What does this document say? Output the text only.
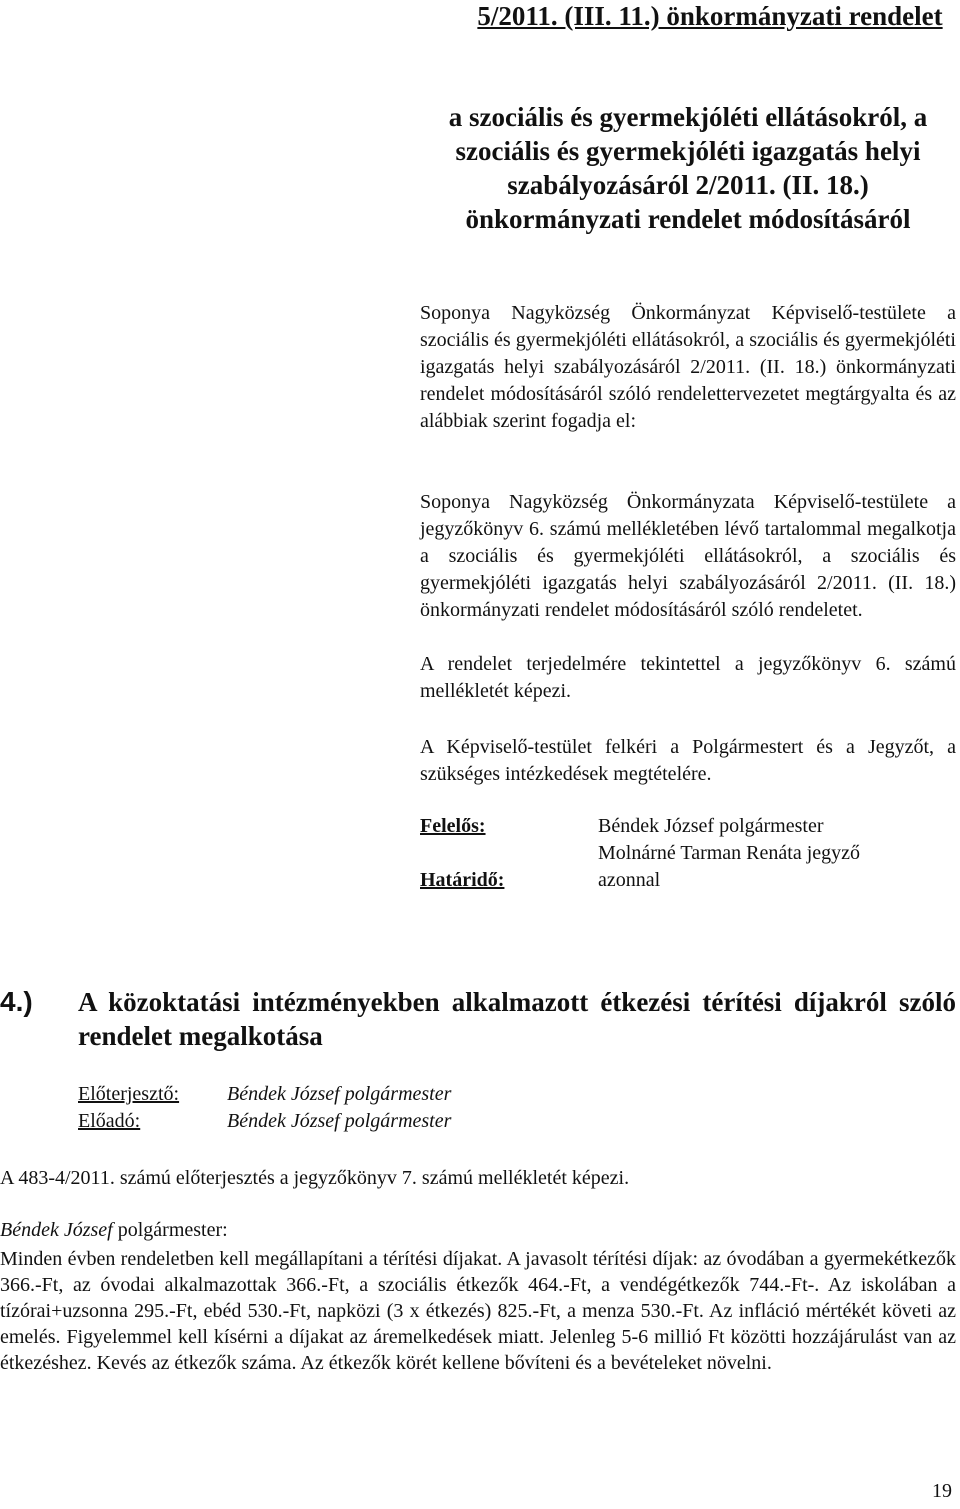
5/2011. (III. 11.) önkormányzati rendelet
a szociális és gyermekjóléti ellátásokról, a szociális és gyermekjóléti igazgatás helyi szabályozásáról 2/2011. (II. 18.) önkormányzati rendelet módosításáról

Soponya Nagyközség Önkormányzat Képviselő-testülete a szociális és gyermekjóléti ellátásokról, a szociális és gyermekjóléti igazgatás helyi szabályozásáról 2/2011. (II. 18.) önkormányzati rendelet módosításáról szóló rendelettervezetet megtárgyalta és az alábbiak szerint fogadja el:

Soponya Nagyközség Önkormányzata Képviselő-testülete a jegyzőkönyv 6. számú mellékletében lévő tartalommal megalkotja a szociális és gyermekjóléti ellátásokról, a szociális és gyermekjóléti igazgatás helyi szabályozásáról 2/2011. (II. 18.) önkormányzati rendelet módosításáról szóló rendeletet.

A rendelet terjedelmére tekintettel a jegyzőkönyv 6. számú mellékletét képezi.

A Képviselő-testület felkéri a Polgármestert és a Jegyzőt, a szükséges intézkedések megtételére.

Felelős:	Béndek József polgármester
Molnárné Tarman Renáta jegyző
Határidő:	azonnal
4.) A közoktatási intézményekben alkalmazott étkezési térítési díjakról szóló rendelet megalkotása
Előterjesztő:	Béndek József polgármester
Előadó:	Béndek József polgármester

A 483-4/2011. számú előterjesztés a jegyzőkönyv 7. számú mellékletét képezi.

Béndek József polgármester:

Minden évben rendeletben kell megállapítani a térítési díjakat. A javasolt térítési díjak: az óvodában a gyermekétkezők 366.-Ft, az óvodai alkalmazottak 366.-Ft, a szociális étkezők 464.-Ft, a vendégétkezők 744.-Ft-. Az iskolában a tízórai+uzsonna 295.-Ft, ebéd 530.-Ft, napközi (3 x étkezés) 825.-Ft, a menza 530.-Ft. Az infláció mértékét követi az emelés. Figyelemmel kell kísérni a díjakat az áremelkedések miatt. Jelenleg 5-6 millió Ft közötti hozzájárulást van az étkezéshez. Kevés az étkezők száma. Az étkezők körét kellene bővíteni és a bevételeket növelni.

19
